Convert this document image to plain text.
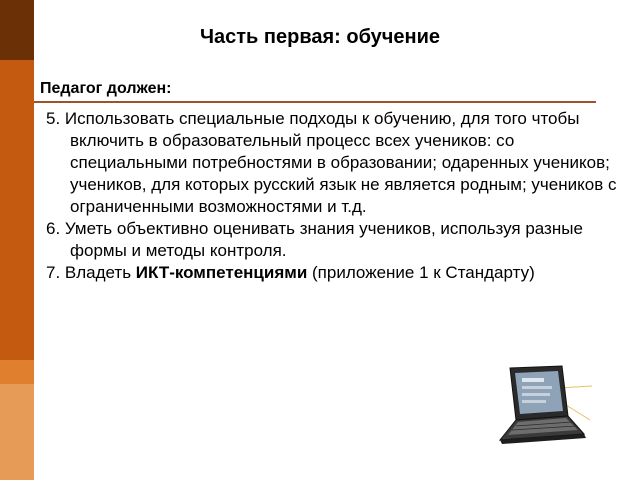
Часть первая: обучение
Педагог должен:
5. Использовать специальные подходы к обучению, для того чтобы включить в образовательный процесс всех учеников: со специальными потребностями в образовании; одаренных учеников; учеников, для которых русский язык не является родным; учеников с ограниченными возможностями и т.д.
6. Уметь объективно оценивать знания учеников, используя разные формы и методы контроля.
7. Владеть ИКТ-компетенциями (приложение 1 к Стандарту)
